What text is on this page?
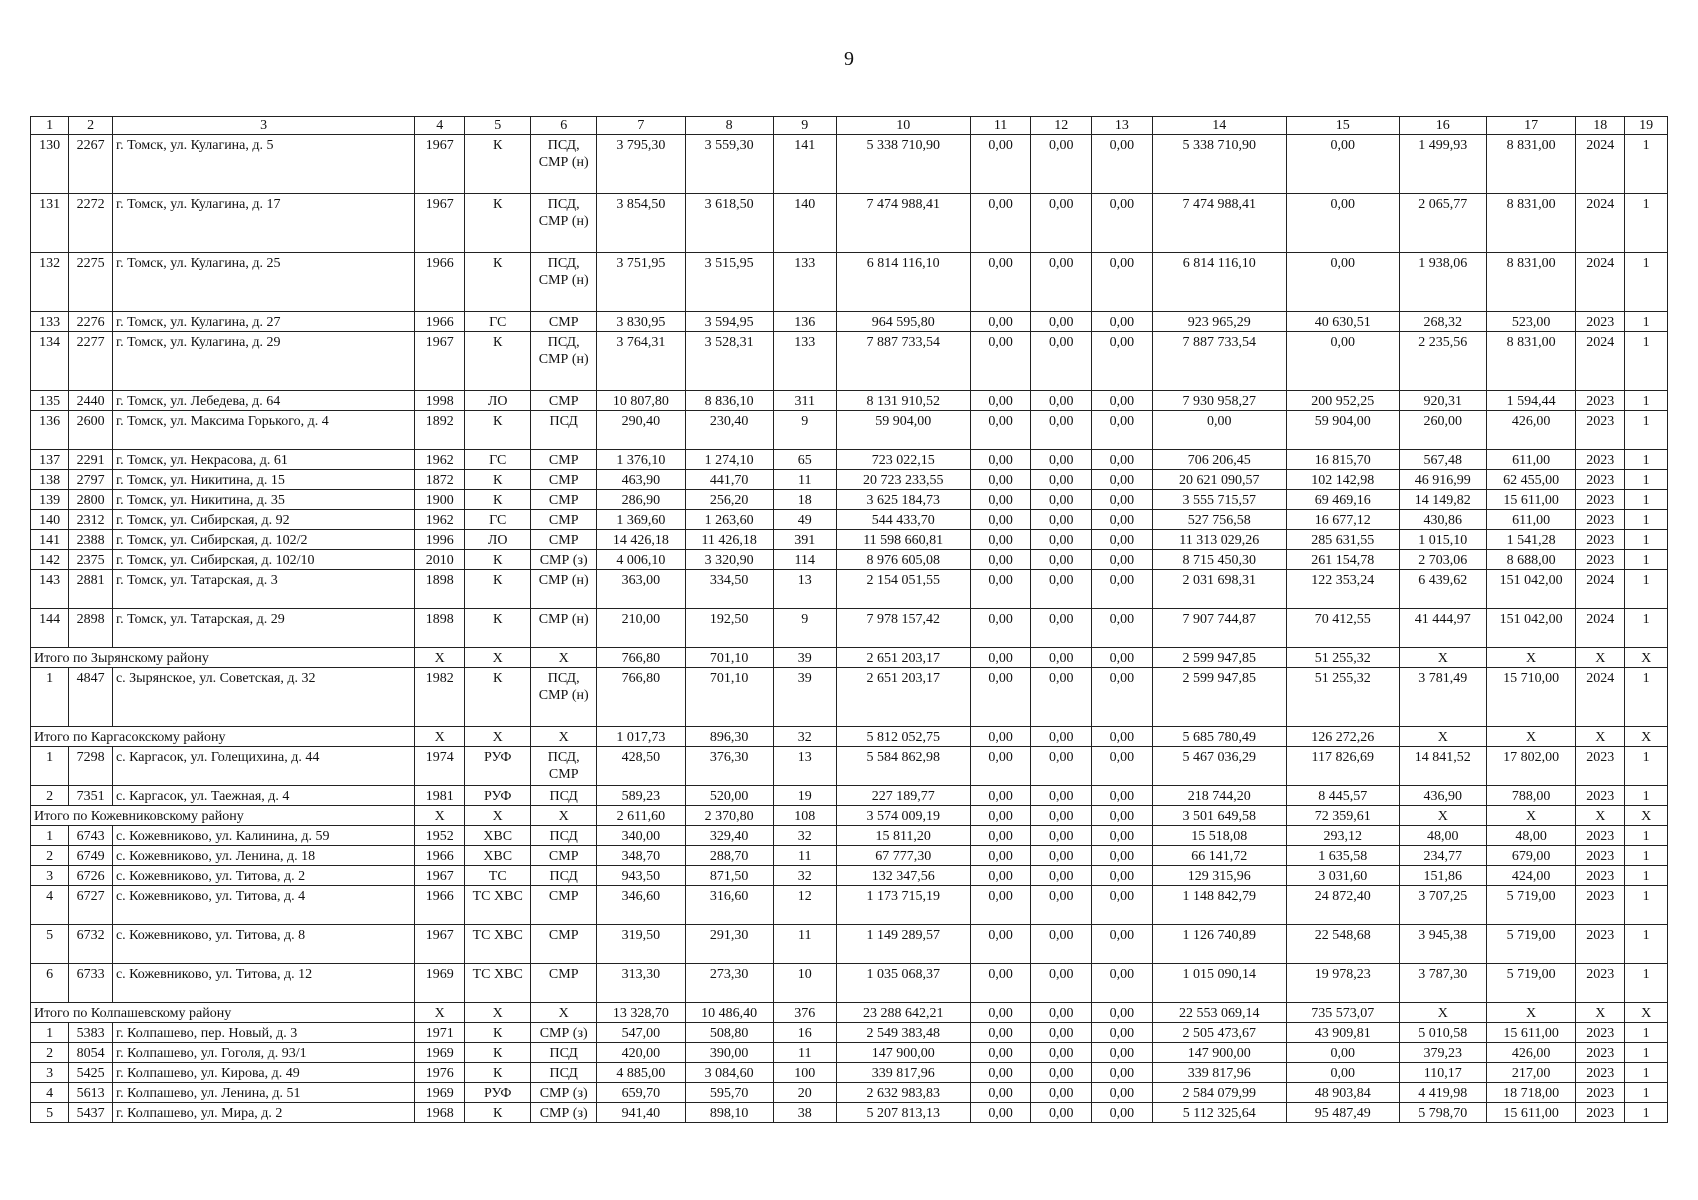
9
1	2	3	4	5	6	7	8	9	10	11	12	13	14	15	16	17	18	19
130	2267	г. Томск, ул. Кулагина, д. 5	1967	К	ПСД, СМР (н)	3 795,30	3 559,30	141	5 338 710,90	0,00	0,00	0,00	5 338 710,90	0,00	1 499,93	8 831,00	2024	1
131	2272	г. Томск, ул. Кулагина, д. 17	1967	К	ПСД, СМР (н)	3 854,50	3 618,50	140	7 474 988,41	0,00	0,00	0,00	7 474 988,41	0,00	2 065,77	8 831,00	2024	1
132	2275	г. Томск, ул. Кулагина, д. 25	1966	К	ПСД, СМР (н)	3 751,95	3 515,95	133	6 814 116,10	0,00	0,00	0,00	6 814 116,10	0,00	1 938,06	8 831,00	2024	1
133	2276	г. Томск, ул. Кулагина, д. 27	1966	ГС	СМР	3 830,95	3 594,95	136	964 595,80	0,00	0,00	0,00	923 965,29	40 630,51	268,32	523,00	2023	1
134	2277	г. Томск, ул. Кулагина, д. 29	1967	К	ПСД, СМР (н)	3 764,31	3 528,31	133	7 887 733,54	0,00	0,00	0,00	7 887 733,54	0,00	2 235,56	8 831,00	2024	1
135	2440	г. Томск, ул. Лебедева, д. 64	1998	ЛО	СМР	10 807,80	8 836,10	311	8 131 910,52	0,00	0,00	0,00	7 930 958,27	200 952,25	920,31	1 594,44	2023	1
136	2600	г. Томск, ул. Максима Горького, д. 4	1892	К	ПСД	290,40	230,40	9	59 904,00	0,00	0,00	0,00	0,00	59 904,00	260,00	426,00	2023	1
137	2291	г. Томск, ул. Некрасова, д. 61	1962	ГС	СМР	1 376,10	1 274,10	65	723 022,15	0,00	0,00	0,00	706 206,45	16 815,70	567,48	611,00	2023	1
138	2797	г. Томск, ул. Никитина, д. 15	1872	К	СМР	463,90	441,70	11	20 723 233,55	0,00	0,00	0,00	20 621 090,57	102 142,98	46 916,99	62 455,00	2023	1
139	2800	г. Томск, ул. Никитина, д. 35	1900	К	СМР	286,90	256,20	18	3 625 184,73	0,00	0,00	0,00	3 555 715,57	69 469,16	14 149,82	15 611,00	2023	1
140	2312	г. Томск, ул. Сибирская, д. 92	1962	ГС	СМР	1 369,60	1 263,60	49	544 433,70	0,00	0,00	0,00	527 756,58	16 677,12	430,86	611,00	2023	1
141	2388	г. Томск, ул. Сибирская, д. 102/2	1996	ЛО	СМР	14 426,18	11 426,18	391	11 598 660,81	0,00	0,00	0,00	11 313 029,26	285 631,55	1 015,10	1 541,28	2023	1
142	2375	г. Томск, ул. Сибирская, д. 102/10	2010	К	СМР (з)	4 006,10	3 320,90	114	8 976 605,08	0,00	0,00	0,00	8 715 450,30	261 154,78	2 703,06	8 688,00	2023	1
143	2881	г. Томск, ул. Татарская, д. 3	1898	К	СМР (н)	363,00	334,50	13	2 154 051,55	0,00	0,00	0,00	2 031 698,31	122 353,24	6 439,62	151 042,00	2024	1
144	2898	г. Томск, ул. Татарская, д. 29	1898	К	СМР (н)	210,00	192,50	9	7 978 157,42	0,00	0,00	0,00	7 907 744,87	70 412,55	41 444,97	151 042,00	2024	1
Итого по Зырянскому району			X	X	X	766,80	701,10	39	2 651 203,17	0,00	0,00	0,00	2 599 947,85	51 255,32	X	X	X	X
1	4847	с. Зырянское, ул. Советская, д. 32	1982	К	ПСД, СМР (н)	766,80	701,10	39	2 651 203,17	0,00	0,00	0,00	2 599 947,85	51 255,32	3 781,49	15 710,00	2024	1
Итого по Каргасокскому району			X	X	X	1 017,73	896,30	32	5 812 052,75	0,00	0,00	0,00	5 685 780,49	126 272,26	X	X	X	X
1	7298	с. Каргасок, ул. Голещихина, д. 44	1974	РУФ	ПСД, СМР	428,50	376,30	13	5 584 862,98	0,00	0,00	0,00	5 467 036,29	117 826,69	14 841,52	17 802,00	2023	1
2	7351	с. Каргасок, ул. Таежная, д. 4	1981	РУФ	ПСД	589,23	520,00	19	227 189,77	0,00	0,00	0,00	218 744,20	8 445,57	436,90	788,00	2023	1
Итого по Кожевниковскому району			X	X	X	2 611,60	2 370,80	108	3 574 009,19	0,00	0,00	0,00	3 501 649,58	72 359,61	X	X	X	X
1	6743	с. Кожевниково, ул. Калинина, д. 59	1952	ХВС	ПСД	340,00	329,40	32	15 811,20	0,00	0,00	0,00	15 518,08	293,12	48,00	48,00	2023	1
2	6749	с. Кожевниково, ул. Ленина, д. 18	1966	ХВС	СМР	348,70	288,70	11	67 777,30	0,00	0,00	0,00	66 141,72	1 635,58	234,77	679,00	2023	1
3	6726	с. Кожевниково, ул. Титова, д. 2	1967	ТС	ПСД	943,50	871,50	32	132 347,56	0,00	0,00	0,00	129 315,96	3 031,60	151,86	424,00	2023	1
4	6727	с. Кожевниково, ул. Титова, д. 4	1966	ТС ХВС	СМР	346,60	316,60	12	1 173 715,19	0,00	0,00	0,00	1 148 842,79	24 872,40	3 707,25	5 719,00	2023	1
5	6732	с. Кожевниково, ул. Титова, д. 8	1967	ТС ХВС	СМР	319,50	291,30	11	1 149 289,57	0,00	0,00	0,00	1 126 740,89	22 548,68	3 945,38	5 719,00	2023	1
6	6733	с. Кожевниково, ул. Титова, д. 12	1969	ТС ХВС	СМР	313,30	273,30	10	1 035 068,37	0,00	0,00	0,00	1 015 090,14	19 978,23	3 787,30	5 719,00	2023	1
Итого по Колпашевскому району			X	X	X	13 328,70	10 486,40	376	23 288 642,21	0,00	0,00	0,00	22 553 069,14	735 573,07	X	X	X	X
1	5383	г. Колпашево, пер. Новый, д. 3	1971	К	СМР (з)	547,00	508,80	16	2 549 383,48	0,00	0,00	0,00	2 505 473,67	43 909,81	5 010,58	15 611,00	2023	1
2	8054	г. Колпашево, ул. Гоголя, д. 93/1	1969	К	ПСД	420,00	390,00	11	147 900,00	0,00	0,00	0,00	147 900,00	0,00	379,23	426,00	2023	1
3	5425	г. Колпашево, ул. Кирова, д. 49	1976	К	ПСД	4 885,00	3 084,60	100	339 817,96	0,00	0,00	0,00	339 817,96	0,00	110,17	217,00	2023	1
4	5613	г. Колпашево, ул. Ленина, д. 51	1969	РУФ	СМР (з)	659,70	595,70	20	2 632 983,83	0,00	0,00	0,00	2 584 079,99	48 903,84	4 419,98	18 718,00	2023	1
5	5437	г. Колпашево, ул. Мира, д. 2	1968	К	СМР (з)	941,40	898,10	38	5 207 813,13	0,00	0,00	0,00	5 112 325,64	95 487,49	5 798,70	15 611,00	2023	1
